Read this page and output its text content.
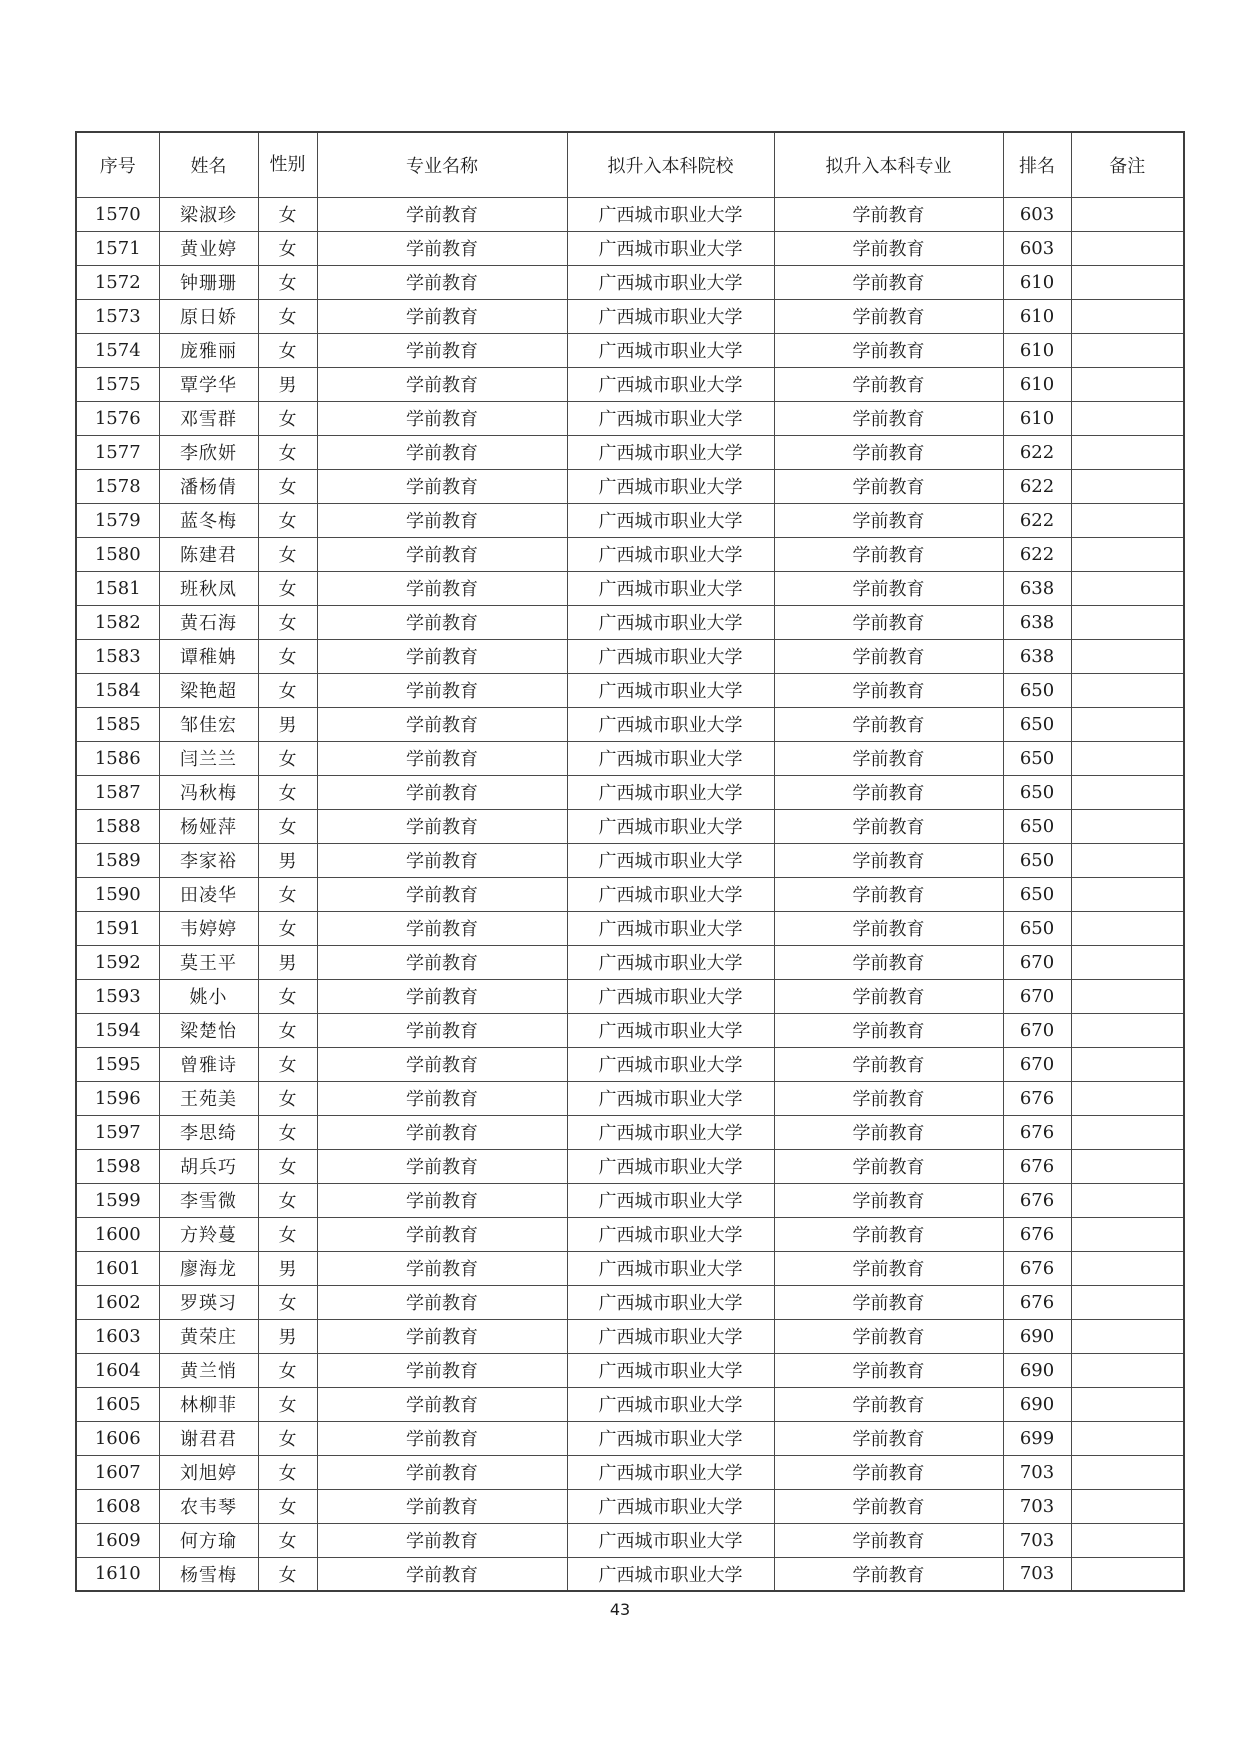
序号	姓名	性别	专业名称	拟升入本科院校	拟升入本科专业	排名	备注
1570	梁淑珍	女	学前教育	广西城市职业大学	学前教育	603	
1571	黄业婷	女	学前教育	广西城市职业大学	学前教育	603	
1572	钟珊珊	女	学前教育	广西城市职业大学	学前教育	610	
1573	原日娇	女	学前教育	广西城市职业大学	学前教育	610	
1574	庞雅丽	女	学前教育	广西城市职业大学	学前教育	610	
1575	覃学华	男	学前教育	广西城市职业大学	学前教育	610	
1576	邓雪群	女	学前教育	广西城市职业大学	学前教育	610	
1577	李欣妍	女	学前教育	广西城市职业大学	学前教育	622	
1578	潘杨倩	女	学前教育	广西城市职业大学	学前教育	622	
1579	蓝冬梅	女	学前教育	广西城市职业大学	学前教育	622	
1580	陈建君	女	学前教育	广西城市职业大学	学前教育	622	
1581	班秋凤	女	学前教育	广西城市职业大学	学前教育	638	
1582	黄石海	女	学前教育	广西城市职业大学	学前教育	638	
1583	谭稚姌	女	学前教育	广西城市职业大学	学前教育	638	
1584	梁艳超	女	学前教育	广西城市职业大学	学前教育	650	
1585	邹佳宏	男	学前教育	广西城市职业大学	学前教育	650	
1586	闫兰兰	女	学前教育	广西城市职业大学	学前教育	650	
1587	冯秋梅	女	学前教育	广西城市职业大学	学前教育	650	
1588	杨娅萍	女	学前教育	广西城市职业大学	学前教育	650	
1589	李家裕	男	学前教育	广西城市职业大学	学前教育	650	
1590	田凌华	女	学前教育	广西城市职业大学	学前教育	650	
1591	韦婷婷	女	学前教育	广西城市职业大学	学前教育	650	
1592	莫王平	男	学前教育	广西城市职业大学	学前教育	670	
1593	姚小	女	学前教育	广西城市职业大学	学前教育	670	
1594	梁楚怡	女	学前教育	广西城市职业大学	学前教育	670	
1595	曾雅诗	女	学前教育	广西城市职业大学	学前教育	670	
1596	王苑美	女	学前教育	广西城市职业大学	学前教育	676	
1597	李思绮	女	学前教育	广西城市职业大学	学前教育	676	
1598	胡兵巧	女	学前教育	广西城市职业大学	学前教育	676	
1599	李雪微	女	学前教育	广西城市职业大学	学前教育	676	
1600	方羚蔓	女	学前教育	广西城市职业大学	学前教育	676	
1601	廖海龙	男	学前教育	广西城市职业大学	学前教育	676	
1602	罗瑛习	女	学前教育	广西城市职业大学	学前教育	676	
1603	黄荣庄	男	学前教育	广西城市职业大学	学前教育	690	
1604	黄兰悄	女	学前教育	广西城市职业大学	学前教育	690	
1605	林柳菲	女	学前教育	广西城市职业大学	学前教育	690	
1606	谢君君	女	学前教育	广西城市职业大学	学前教育	699	
1607	刘旭婷	女	学前教育	广西城市职业大学	学前教育	703	
1608	农韦琴	女	学前教育	广西城市职业大学	学前教育	703	
1609	何方瑜	女	学前教育	广西城市职业大学	学前教育	703	
1610	杨雪梅	女	学前教育	广西城市职业大学	学前教育	703	
43
